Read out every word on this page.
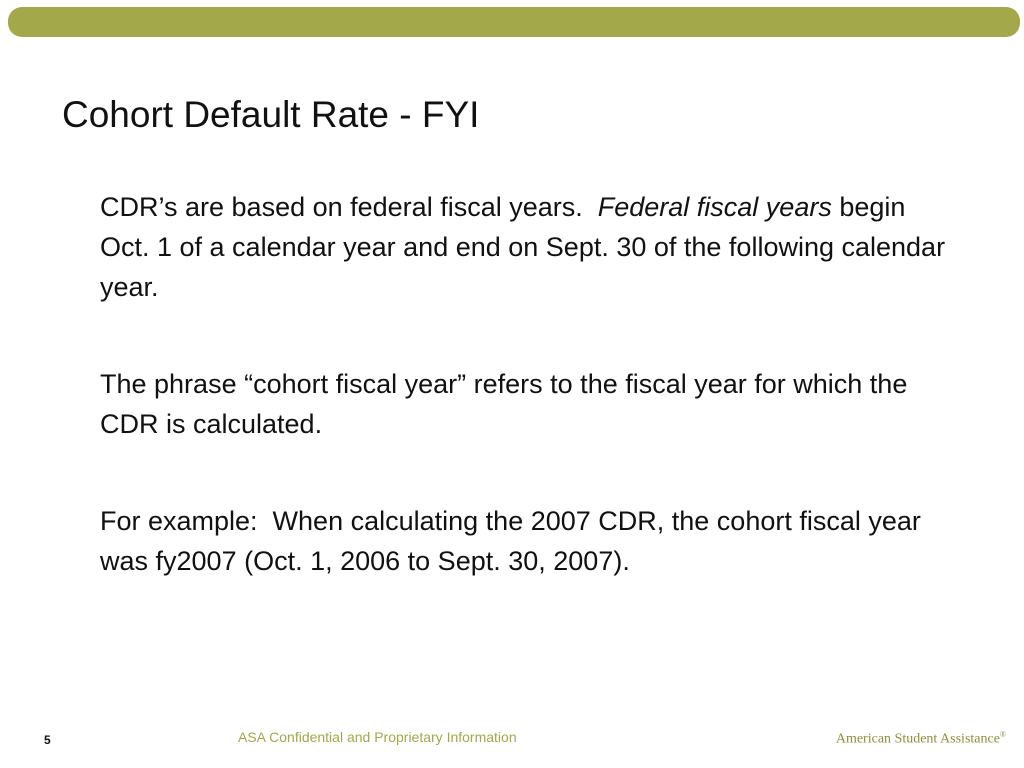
Cohort Default Rate - FYI

CDR’s are based on federal fiscal years.  Federal fiscal years begin Oct. 1 of a calendar year and end on Sept. 30 of the following calendar year.

The phrase “cohort fiscal year” refers to the fiscal year for which the CDR is calculated.

For example:  When calculating the 2007 CDR, the cohort fiscal year was fy2007 (Oct. 1, 2006 to Sept. 30, 2007).

5	ASA Confidential and Proprietary Information	American Student Assistance®
